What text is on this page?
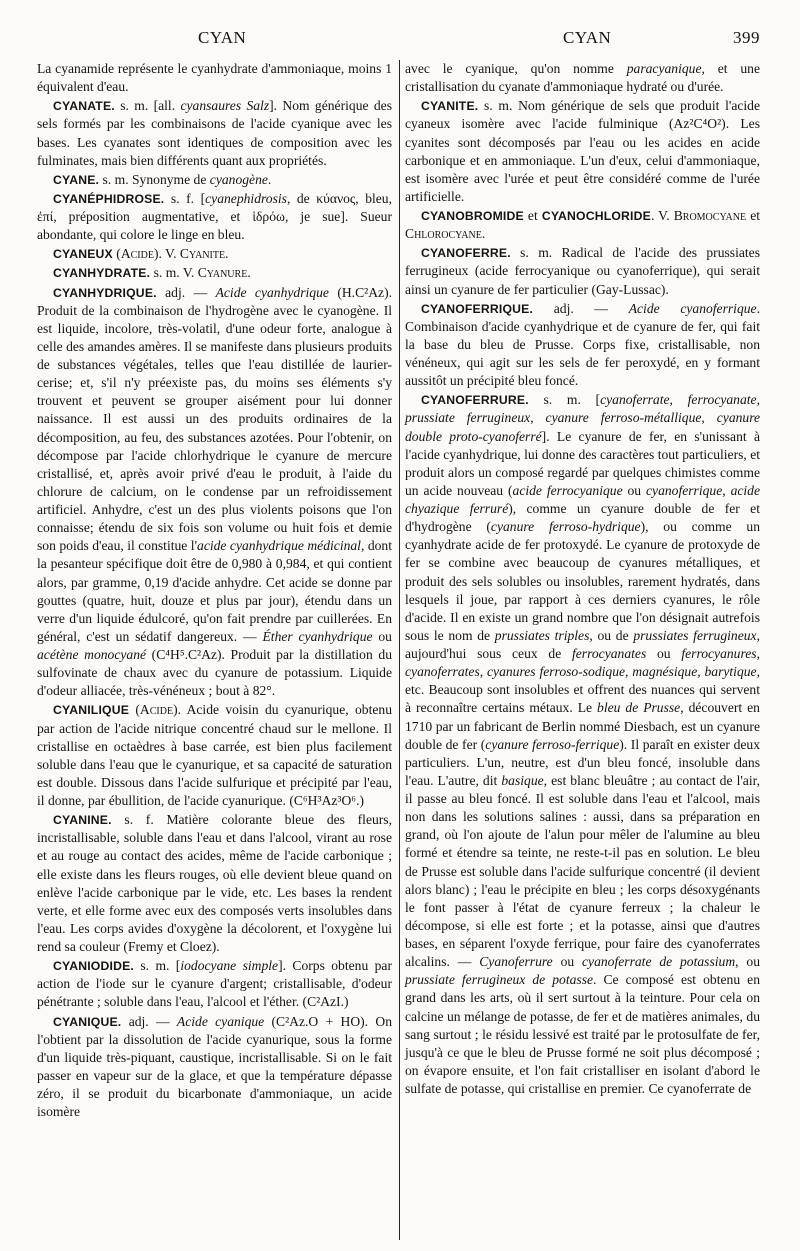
CYAN	CYAN	399

La cyanamide représente le cyanhydrate d'ammoniaque, moins 1 équivalent d'eau.

CYANATE. s. m. [all. cyansaures Salz]. Nom générique des sels formés par les combinaisons de l'acide cyanique avec les bases. Les cyanates sont identiques de composition avec les fulminates, mais bien différents quant aux propriétés.

CYANE. s. m. Synonyme de cyanogène.

CYANÉPHIDROSE. s. f. [cyanephidrosis, de κύανος, bleu, ἐπί, préposition augmentative, et ἱδρόω, je sue]. Sueur abondante, qui colore le linge en bleu.

CYANEUX (Acide). V. Cyanite.

CYANHYDRATE. s. m. V. Cyanure.

CYANHYDRIQUE. adj. — Acide cyanhydrique (H.C²Az). Produit de la combinaison de l'hydrogène avec le cyanogène. Il est liquide, incolore, très-volatil, d'une odeur forte, analogue à celle des amandes amères. Il se manifeste dans plusieurs produits de substances végétales, telles que l'eau distillée de laurier-cerise; et, s'il n'y préexiste pas, du moins ses éléments s'y trouvent et peuvent se grouper aisément pour lui donner naissance. Il est aussi un des produits ordinaires de la décomposition, au feu, des substances azotées. Pour l'obtenir, on décompose par l'acide chlorhydrique le cyanure de mercure cristallisé, et, après avoir privé d'eau le produit, à l'aide du chlorure de calcium, on le condense par un refroidissement artificiel. Anhydre, c'est un des plus violents poisons que l'on connaisse; étendu de six fois son volume ou huit fois et demie son poids d'eau, il constitue l'acide cyanhydrique médicinal, dont la pesanteur spécifique doit être de 0,980 à 0,984, et qui contient alors, par gramme, 0,19 d'acide anhydre. Cet acide se donne par gouttes (quatre, huit, douze et plus par jour), étendu dans un verre d'un liquide édulcoré, qu'on fait prendre par cuillerées. En général, c'est un sédatif dangereux. — Éther cyanhydrique ou acétène monocyané (C⁴H⁵.C²Az). Produit par la distillation du sulfovinate de chaux avec du cyanure de potassium. Liquide d'odeur alliacée, très-vénéneux ; bout à 82°.

CYANILIQUE (Acide). Acide voisin du cyanurique, obtenu par action de l'acide nitrique concentré chaud sur le mellone. Il cristallise en octaèdres à base carrée, est bien plus facilement soluble dans l'eau que le cyanurique, et sa capacité de saturation est double. Dissous dans l'acide sulfurique et précipité par l'eau, il donne, par ébullition, de l'acide cyanurique. (C⁶H³Az³O⁶.)

CYANINE. s. f. Matière colorante bleue des fleurs, incristallisable, soluble dans l'eau et dans l'alcool, virant au rose et au rouge au contact des acides, même de l'acide carbonique ; elle existe dans les fleurs rouges, où elle devient bleue quand on enlève l'acide carbonique par le vide, etc. Les bases la rendent verte, et elle forme avec eux des composés verts insolubles dans l'eau. Les corps avides d'oxygène la décolorent, et l'oxygène lui rend sa couleur (Fremy et Cloez).

CYANIODIDE. s. m. [iodocyane simple]. Corps obtenu par action de l'iode sur le cyanure d'argent; cristallisable, d'odeur pénétrante ; soluble dans l'eau, l'alcool et l'éther. (C²AzI.)

CYANIQUE. adj. — Acide cyanique (C²Az.O + HO). On l'obtient par la dissolution de l'acide cyanurique, sous la forme d'un liquide très-piquant, caustique, incristallisable. Si on le fait passer en vapeur sur de la glace, et que la température dépasse zéro, il se produit du bicarbonate d'ammoniaque, un acide isomère

avec le cyanique, qu'on nomme paracyanique, et une cristallisation du cyanate d'ammoniaque hydraté ou d'urée.

CYANITE. s. m. Nom générique de sels que produit l'acide cyaneux isomère avec l'acide fulminique (Az²C⁴O²). Les cyanites sont décomposés par l'eau ou les acides en acide carbonique et en ammoniaque. L'un d'eux, celui d'ammoniaque, est isomère avec l'urée et peut être considéré comme de l'urée artificielle.

CYANOBROMIDE et CYANOCHLORIDE. V. Bromocyane et Chlorocyane.

CYANOFERRE. s. m. Radical de l'acide des prussiates ferrugineux (acide ferrocyanique ou cyanoferrique), qui serait ainsi un cyanure de fer particulier (Gay-Lussac).

CYANOFERRIQUE. adj. — Acide cyanoferrique. Combinaison d'acide cyanhydrique et de cyanure de fer, qui fait la base du bleu de Prusse. Corps fixe, cristallisable, non vénéneux, qui agit sur les sels de fer peroxydé, en y formant aussitôt un précipité bleu foncé.

CYANOFERRURE. s. m. [cyanoferrate, ferrocyanate, prussiate ferrugineux, cyanure ferroso-métallique, cyanure double proto-cyanoferré]. Le cyanure de fer, en s'unissant à l'acide cyanhydrique, lui donne des caractères tout particuliers, et produit alors un composé regardé par quelques chimistes comme un acide nouveau (acide ferrocyanique ou cyanoferrique, acide chyazique ferruré), comme un cyanure double de fer et d'hydrogène (cyanure ferroso-hydrique), ou comme un cyanhydrate acide de fer protoxydé. Le cyanure de protoxyde de fer se combine avec beaucoup de cyanures métalliques, et produit des sels solubles ou insolubles, rarement hydratés, dans lesquels il joue, par rapport à ces derniers cyanures, le rôle d'acide. Il en existe un grand nombre que l'on désignait autrefois sous le nom de prussiates triples, ou de prussiates ferrugineux, aujourd'hui sous ceux de ferrocyanates ou ferrocyanures, cyanoferrates, cyanures ferroso-sodique, magnésique, barytique, etc. Beaucoup sont insolubles et offrent des nuances qui servent à reconnaître certains métaux. Le bleu de Prusse, découvert en 1710 par un fabricant de Berlin nommé Diesbach, est un cyanure double de fer (cyanure ferroso-ferrique). Il paraît en exister deux particuliers. L'un, neutre, est d'un bleu foncé, insoluble dans l'eau. L'autre, dit basique, est blanc bleuâtre ; au contact de l'air, il passe au bleu foncé. Il est soluble dans l'eau et l'alcool, mais non dans les solutions salines : aussi, dans sa préparation en grand, où l'on ajoute de l'alun pour mêler de l'alumine au bleu formé et étendre sa teinte, ne reste-t-il pas en solution. Le bleu de Prusse est soluble dans l'acide sulfurique concentré (il devient alors blanc) ; l'eau le précipite en bleu ; les corps désoxygénants le font passer à l'état de cyanure ferreux ; la chaleur le décompose, si elle est forte ; et la potasse, ainsi que d'autres bases, en séparent l'oxyde ferrique, pour faire des cyanoferrates alcalins. — Cyanoferrure ou cyanoferrate de potassium, ou prussiate ferrugineux de potasse. Ce composé est obtenu en grand dans les arts, où il sert surtout à la teinture. Pour cela on calcine un mélange de potasse, de fer et de matières animales, du sang surtout ; le résidu lessivé est traité par le protosulfate de fer, jusqu'à ce que le bleu de Prusse formé ne soit plus décomposé ; on évapore ensuite, et l'on fait cristalliser en isolant d'abord le sulfate de potasse, qui cristallise en premier. Ce cyanoferrate de
